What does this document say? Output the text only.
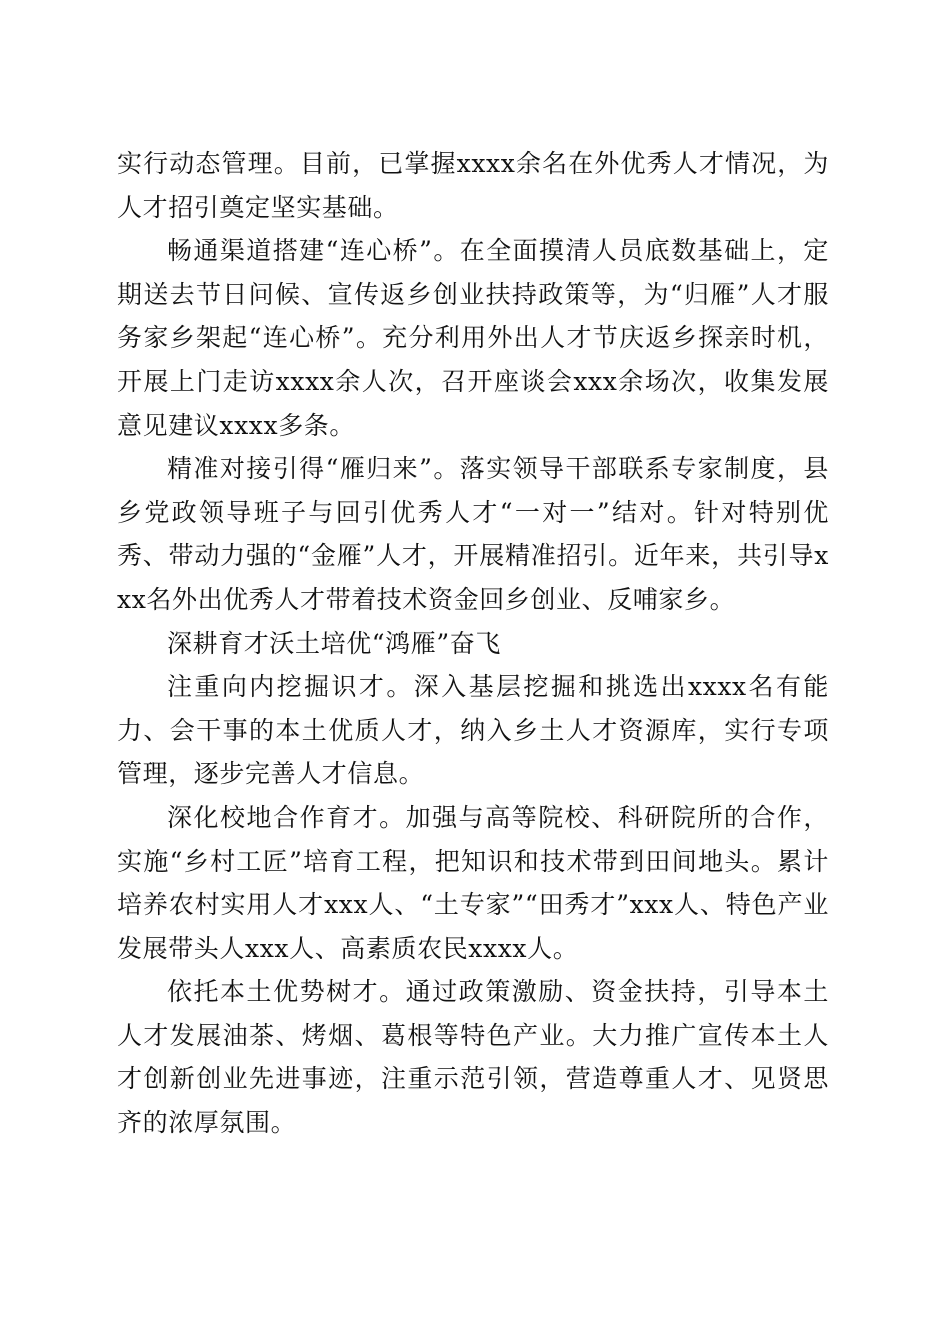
实行动态管理。目前，已掌握xxxx余名在外优秀人才情况，为人才招引奠定坚实基础。

畅通渠道搭建“连心桥”。在全面摸清人员底数基础上，定期送去节日问候、宣传返乡创业扶持政策等，为“归雁”人才服务家乡架起“连心桥”。充分利用外出人才节庆返乡探亲时机，开展上门走访xxxx余人次，召开座谈会xxx余场次，收集发展意见建议xxxx多条。

精准对接引得“雁归来”。落实领导干部联系专家制度，县乡党政领导班子与回引优秀人才“一对一”结对。针对特别优秀、带动力强的“金雁”人才，开展精准招引。近年来，共引导xxx名外出优秀人才带着技术资金回乡创业、反哺家乡。

深耕育才沃土培优“鸿雁”奋飞

注重向内挖掘识才。深入基层挖掘和挑选出xxxx名有能力、会干事的本土优质人才，纳入乡土人才资源库，实行专项管理，逐步完善人才信息。

深化校地合作育才。加强与高等院校、科研院所的合作，实施“乡村工匠”培育工程，把知识和技术带到田间地头。累计培养农村实用人才xxx人、“土专家”“田秀才”xxx人、特色产业发展带头人xxx人、高素质农民xxxx人。

依托本土优势树才。通过政策激励、资金扶持，引导本土人才发展油茶、烤烟、葛根等特色产业。大力推广宣传本土人才创新创业先进事迹，注重示范引领，营造尊重人才、见贤思齐的浓厚氛围。
